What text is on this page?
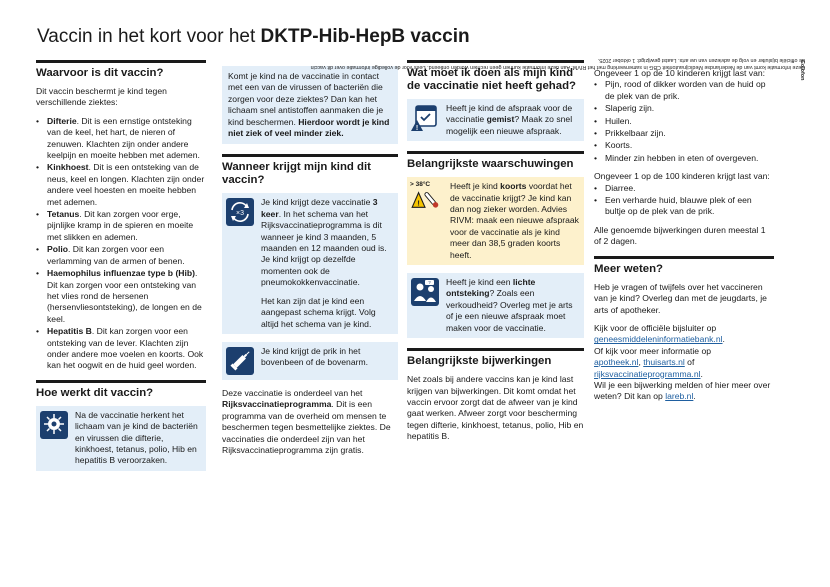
Vaccin in het kort voor het DKTP-Hib-HepB vaccin
Waarvoor is dit vaccin?

Dit vaccin beschermt je kind tegen verschillende ziektes:

• Difterie. Dit is een ernstige ontsteking van de keel, het hart, de nieren of zenuwen. Klachten zijn onder andere keelpijn en moeite hebben met ademen.
• Kinkhoest. Dit is een ontsteking van de neus, keel en longen. Klachten zijn onder andere veel hoesten en moeite hebben met ademen.
• Tetanus. Dit kan zorgen voor erge, pijnlijke kramp in de spieren en moeite met slikken en ademen.
• Polio. Dit kan zorgen voor een verlamming van de armen of benen.
• Haemophilus influenzae type b (Hib). Dit kan zorgen voor een ontsteking van het vlies rond de hersenen (hersenvliesontsteking), de longen en de keel.
• Hepatitis B. Dit kan zorgen voor een ontsteking van de lever. Klachten zijn onder andere moe voelen en koorts. Ook kan het oogwit en de huid geel worden.
Hoe werkt dit vaccin?
Na de vaccinatie herkent het lichaam van je kind de bacteriën en virussen die difterie, kinkhoest, tetanus, polio, Hib en hepatitis B veroorzaken.
Komt je kind na de vaccinatie in contact met een van de virussen of bacteriën die zorgen voor deze ziektes? Dan kan het lichaam snel antistoffen aanmaken die je kind beschermen. Hierdoor wordt je kind niet ziek of veel minder ziek.
Wanneer krijgt mijn kind dit vaccin?
×3

Je kind krijgt deze vaccinatie 3 keer. In het schema van het Rijksvaccinatieprogramma is dit wanneer je kind 3 maanden, 5 maanden en 12 maanden oud is. Je kind krijgt op dezelfde momenten ook de pneumokokkenvaccinatie.

Het kan zijn dat je kind een aangepast schema krijgt. Volg altijd het schema van je kind.

Je kind krijgt de prik in het bovenbeen of de bovenarm.

Deze vaccinatie is onderdeel van het Rijksvaccinatieprogramma. Dit is een programma van de overheid om mensen te beschermen tegen besmettelijke ziektes. De vaccinaties die onderdeel zijn van het Rijksvaccinatieprogramma zijn gratis.

Wat moet ik doen als mijn kind de vaccinatie niet heeft gehad?
!
Heeft je kind de afspraak voor de vaccinatie gemist? Maak zo snel mogelijk een nieuwe afspraak.
Belangrijkste waarschuwingen
> 38°C
!
Heeft je kind koorts voordat het de vaccinatie krijgt? Je kind kan dan nog zieker worden. Advies RIVM: maak een nieuwe afspraak voor de vaccinatie als je kind meer dan 38,5 graden koorts heeft.
? Heeft je kind een lichte ontsteking? Zoals een verkoudheid? Overleg met je arts of je een nieuwe afspraak moet maken voor de vaccinatie.
Belangrijkste bijwerkingen

Net zoals bij andere vaccins kan je kind last krijgen van bijwerkingen. Dit komt omdat het vaccin ervoor zorgt dat de afweer van je kind gaat werken. Afweer zorgt voor bescherming tegen difterie, kinkhoest, tetanus, polio, Hib en hepatitis B.

Ongeveer 1 op de 10 kinderen krijgt last van:

• Pijn, rood of dikker worden van de huid op de plek van de prik.
• Slaperig zijn.
• Huilen.
• Prikkelbaar zijn.
• Koorts.
• Minder zin hebben in eten of overgeven.

Ongeveer 1 op de 100 kinderen krijgt last van:

• Diarree.
• Een verharde huid, blauwe plek of een bultje op de plek van de prik.

Alle genoemde bijwerkingen duren meestal 1 of 2 dagen.

Meer weten?

Heb je vragen of twijfels over het vaccineren van je kind? Overleg dan met de jeugdarts, je arts of apotheker.

Kijk voor de officiële bijsluiter op
geneesmiddeleninformatiebank.nl.
Of kijk voor meer informatie op
apotheek.nl, thuisarts.nl of
rijksvaccinatieprogramma.nl.
Wil je een bijwerking melden of hier meer over weten? Dit kan op lareb.nl.

Colofon
Deze informatie komt van de Nederlandse Medicijnautoriteit CBG in samenwerking met het RIVM. Aan deze informatie kunnen geen rechten worden ontleend. Lees voor de volledige informatie over dit vaccin de officiële bijsluiter en volg de adviezen van uw arts. Laatst gewijzigd: 1 oktober 2025.
